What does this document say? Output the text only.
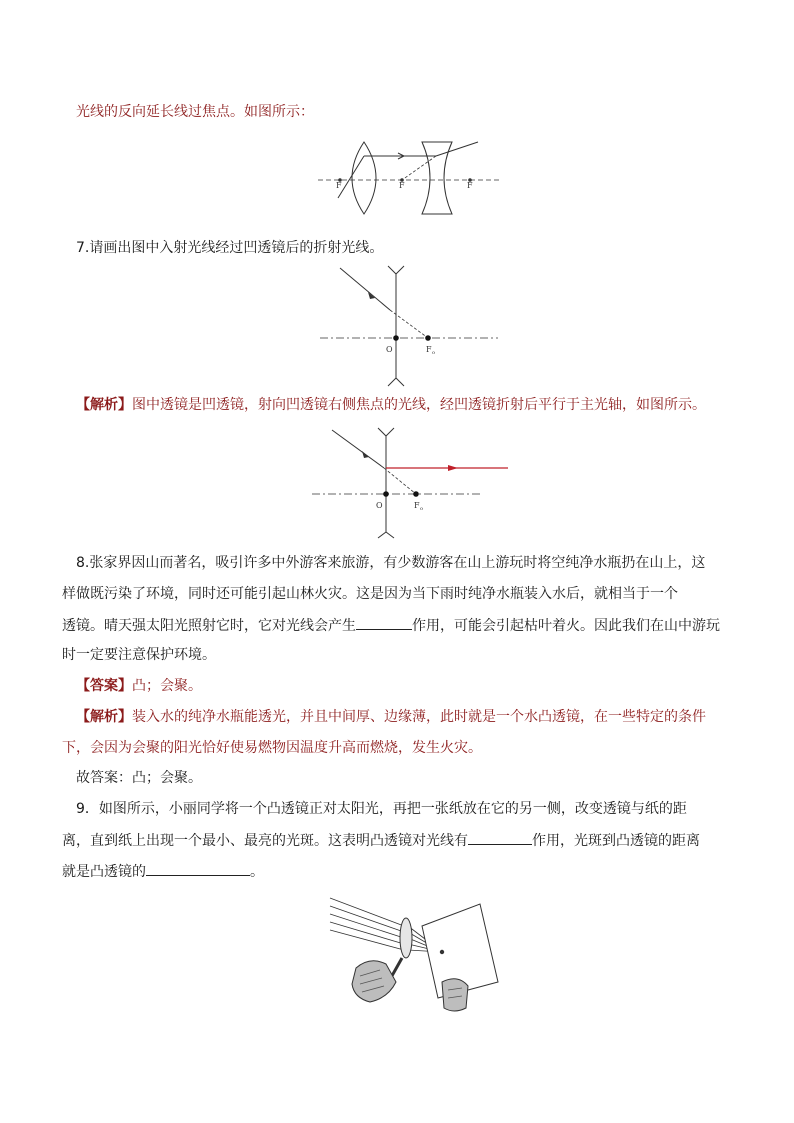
光线的反向延长线过焦点。如图所示：
F	F	F
7.请画出图中入射光线经过凹透镜后的折射光线。
O	F o
【解析】图中透镜是凹透镜，射向凹透镜右侧焦点的光线，经凹透镜折射后平行于主光轴，如图所示。
O	F o
8.张家界因山而著名，吸引许多中外游客来旅游，有少数游客在山上游玩时将空纯净水瓶扔在山上，这
样做既污染了环境，同时还可能引起山林火灾。这是因为当下雨时纯净水瓶装入水后，就相当于一个
透镜。晴天强太阳光照射它时，它对光线会产生	作用，可能会引起枯叶着火。因此我们在山中游玩
时一定要注意保护环境。
【答案】凸；会聚。
【解析】装入水的纯净水瓶能透光，并且中间厚、边缘薄，此时就是一个水凸透镜，在一些特定的条件
下，会因为会聚的阳光恰好使易燃物因温度升高而燃烧，发生火灾。
故答案：凸；会聚。
9．如图所示，小丽同学将一个凸透镜正对太阳光，再把一张纸放在它的另一侧，改变透镜与纸的距
离，直到纸上出现一个最小、最亮的光斑。这表明凸透镜对光线有	作用，光斑到凸透镜的距离
就是凸透镜的	。
